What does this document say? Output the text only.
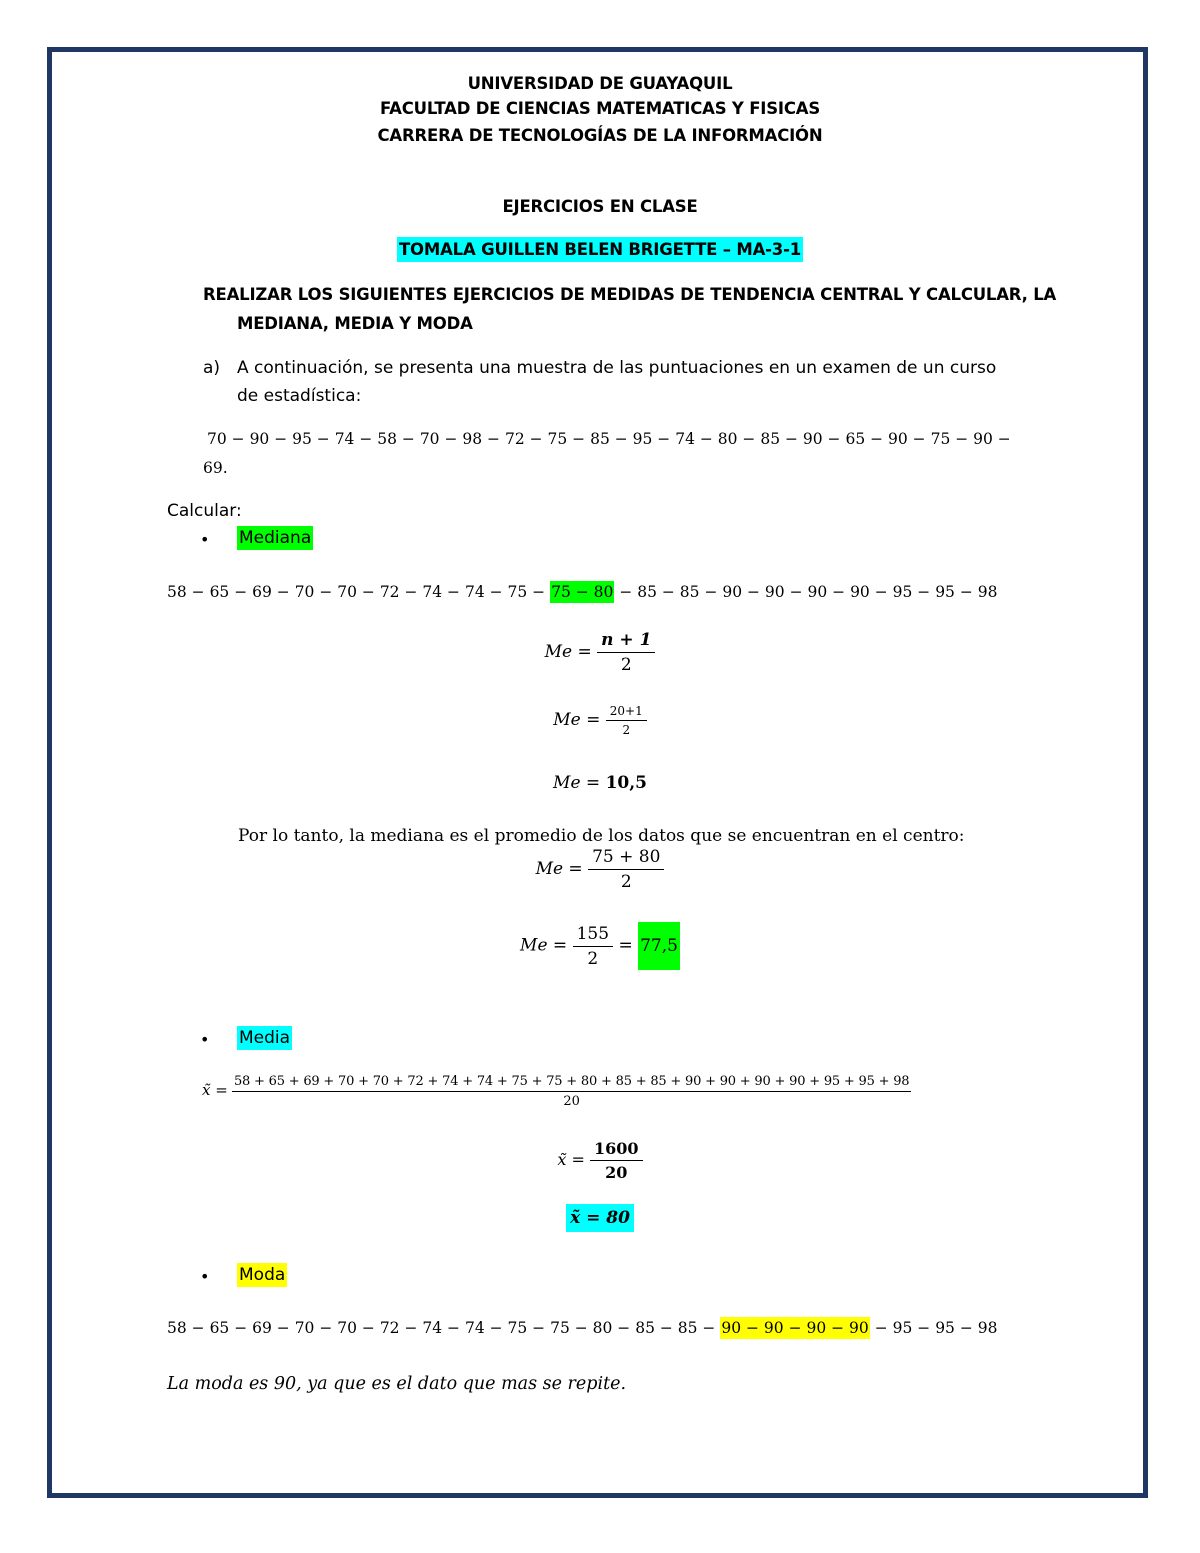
UNIVERSIDAD DE GUAYAQUIL
FACULTAD DE CIENCIAS MATEMATICAS Y FISICAS
CARRERA DE TECNOLOGÍAS DE LA INFORMACIÓN
EJERCICIOS EN CLASE
TOMALA GUILLEN BELEN BRIGETTE – MA-3-1
REALIZAR LOS SIGUIENTES EJERCICIOS DE MEDIDAS DE TENDENCIA CENTRAL Y CALCULAR, LA
MEDIANA, MEDIA Y MODA
a) A continuación, se presenta una muestra de las puntuaciones en un examen de un curso
de estadística:
70 − 90 − 95 − 74 − 58 − 70 − 98 − 72 − 75 − 85 − 95 − 74 − 80 − 85 − 90 − 65 − 90 − 75 − 90 −
69.
Calcular:
• Mediana
58 − 65 − 69 − 70 − 70 − 72 − 74 − 74 − 75 − 75 − 80 − 85 − 85 − 90 − 90 − 90 − 90 − 95 − 95 − 98
$Me = \frac{n + 1}{2}$
$Me = \frac{20+1}{2}$
Me = 10,5
Por lo tanto, la mediana es el promedio de los datos que se encuentran en el centro:
$Me = \frac{75 + 80}{2}$
$Me = \frac{155}{2} = 77,5$
• Media
x̃ = 58 + 65 + 69 + 70 + 70 + 72 + 74 + 74 + 75 + 75 + 80 + 85 + 85 + 90 + 90 + 90 + 90 + 95 + 95 + 98
20
x̃ = $\frac{1600}{20}$
x̃ = 80
• Moda
58 − 65 − 69 − 70 − 70 − 72 − 74 − 74 − 75 − 75 − 80 − 85 − 85 − 90 − 90 − 90 − 90 − 95 − 95 − 98
La moda es 90, ya que es el dato que mas se repite.
